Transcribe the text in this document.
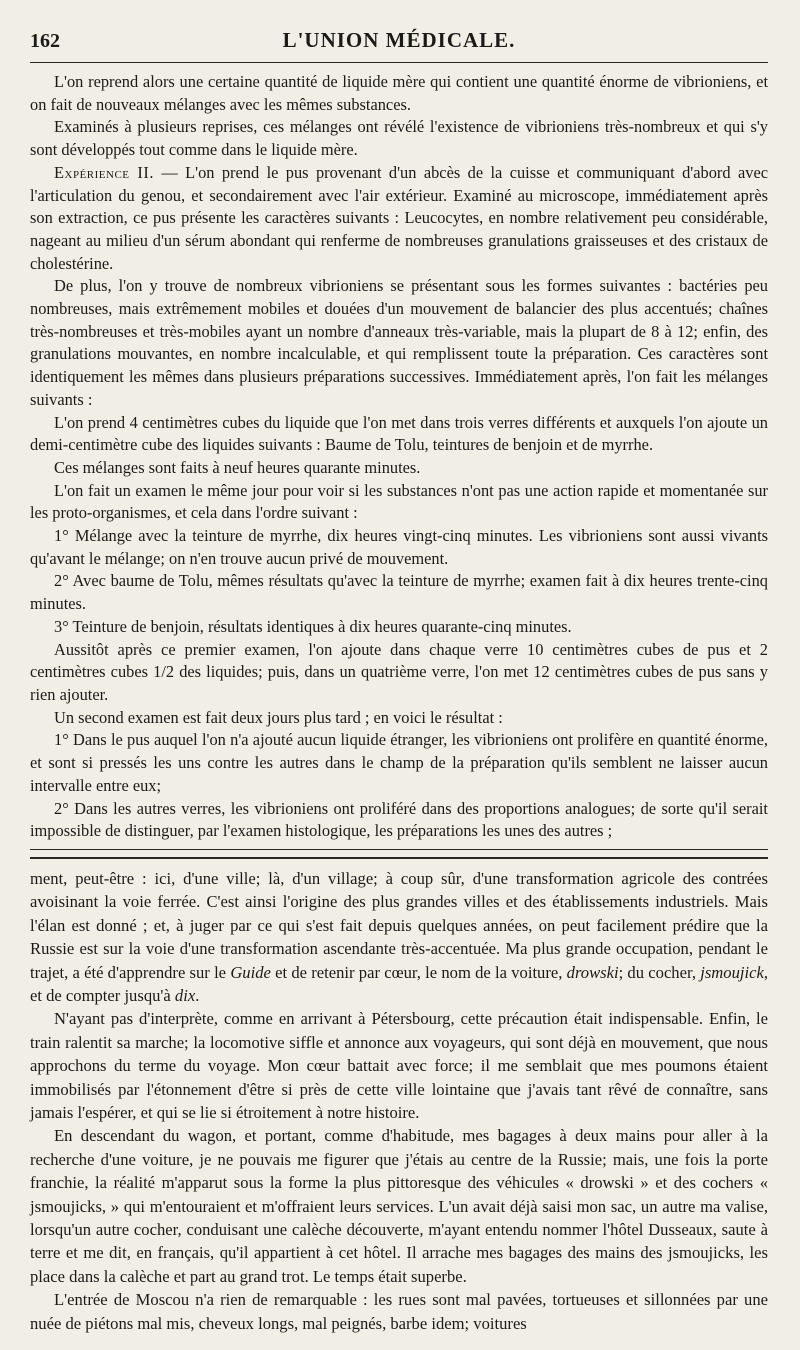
162	L'UNION MÉDICALE.

L'on reprend alors une certaine quantité de liquide mère qui contient une quantité énorme de vibrioniens, et on fait de nouveaux mélanges avec les mêmes substances.

Examinés à plusieurs reprises, ces mélanges ont révélé l'existence de vibrioniens très-nombreux et qui s'y sont développés tout comme dans le liquide mère.

Expérience II. — L'on prend le pus provenant d'un abcès de la cuisse et communiquant d'abord avec l'articulation du genou, et secondairement avec l'air extérieur. Examiné au microscope, immédiatement après son extraction, ce pus présente les caractères suivants : Leucocytes, en nombre relativement peu considérable, nageant au milieu d'un sérum abondant qui renferme de nombreuses granulations graisseuses et des cristaux de cholestérine.

De plus, l'on y trouve de nombreux vibrioniens se présentant sous les formes suivantes : bactéries peu nombreuses, mais extrêmement mobiles et douées d'un mouvement de balancier des plus accentués; chaînes très-nombreuses et très-mobiles ayant un nombre d'anneaux très-variable, mais la plupart de 8 à 12; enfin, des granulations mouvantes, en nombre incalculable, et qui remplissent toute la préparation. Ces caractères sont identiquement les mêmes dans plusieurs préparations successives. Immédiatement après, l'on fait les mélanges suivants :

L'on prend 4 centimètres cubes du liquide que l'on met dans trois verres différents et auxquels l'on ajoute un demi-centimètre cube des liquides suivants : Baume de Tolu, teintures de benjoin et de myrrhe.

Ces mélanges sont faits à neuf heures quarante minutes.

L'on fait un examen le même jour pour voir si les substances n'ont pas une action rapide et momentanée sur les proto-organismes, et cela dans l'ordre suivant :

1° Mélange avec la teinture de myrrhe, dix heures vingt-cinq minutes. Les vibrioniens sont aussi vivants qu'avant le mélange; on n'en trouve aucun privé de mouvement.

2° Avec baume de Tolu, mêmes résultats qu'avec la teinture de myrrhe; examen fait à dix heures trente-cinq minutes.

3° Teinture de benjoin, résultats identiques à dix heures quarante-cinq minutes.

Aussitôt après ce premier examen, l'on ajoute dans chaque verre 10 centimètres cubes de pus et 2 centimètres cubes 1/2 des liquides; puis, dans un quatrième verre, l'on met 12 centimètres cubes de pus sans y rien ajouter.

Un second examen est fait deux jours plus tard ; en voici le résultat :

1° Dans le pus auquel l'on n'a ajouté aucun liquide étranger, les vibrioniens ont prolifère en quantité énorme, et sont si pressés les uns contre les autres dans le champ de la préparation qu'ils semblent ne laisser aucun intervalle entre eux;

2° Dans les autres verres, les vibrioniens ont proliféré dans des proportions analogues; de sorte qu'il serait impossible de distinguer, par l'examen histologique, les préparations les unes des autres ;

ment, peut-être : ici, d'une ville; là, d'un village; à coup sûr, d'une transformation agricole des contrées avoisinant la voie ferrée. C'est ainsi l'origine des plus grandes villes et des établissements industriels. Mais l'élan est donné ; et, à juger par ce qui s'est fait depuis quelques années, on peut facilement prédire que la Russie est sur la voie d'une transformation ascendante très-accentuée. Ma plus grande occupation, pendant le trajet, a été d'apprendre sur le Guide et de retenir par cœur, le nom de la voiture, drowski; du cocher, jsmoujick, et de compter jusqu'à dix.

N'ayant pas d'interprète, comme en arrivant à Pétersbourg, cette précaution était indispensable. Enfin, le train ralentit sa marche; la locomotive siffle et annonce aux voyageurs, qui sont déjà en mouvement, que nous approchons du terme du voyage. Mon cœur battait avec force; il me semblait que mes poumons étaient immobilisés par l'étonnement d'être si près de cette ville lointaine que j'avais tant rêvé de connaître, sans jamais l'espérer, et qui se lie si étroitement à notre histoire.

En descendant du wagon, et portant, comme d'habitude, mes bagages à deux mains pour aller à la recherche d'une voiture, je ne pouvais me figurer que j'étais au centre de la Russie; mais, une fois la porte franchie, la réalité m'apparut sous la forme la plus pittoresque des véhicules « drowski » et des cochers « jsmoujicks, » qui m'entouraient et m'offraient leurs services. L'un avait déjà saisi mon sac, un autre ma valise, lorsqu'un autre cocher, conduisant une calèche découverte, m'ayant entendu nommer l'hôtel Dusseaux, saute à terre et me dit, en français, qu'il appartient à cet hôtel. Il arrache mes bagages des mains des jsmoujicks, les place dans la calèche et part au grand trot. Le temps était superbe.

L'entrée de Moscou n'a rien de remarquable : les rues sont mal pavées, tortueuses et sillonnées par une nuée de piétons mal mis, cheveux longs, mal peignés, barbe idem; voitures
